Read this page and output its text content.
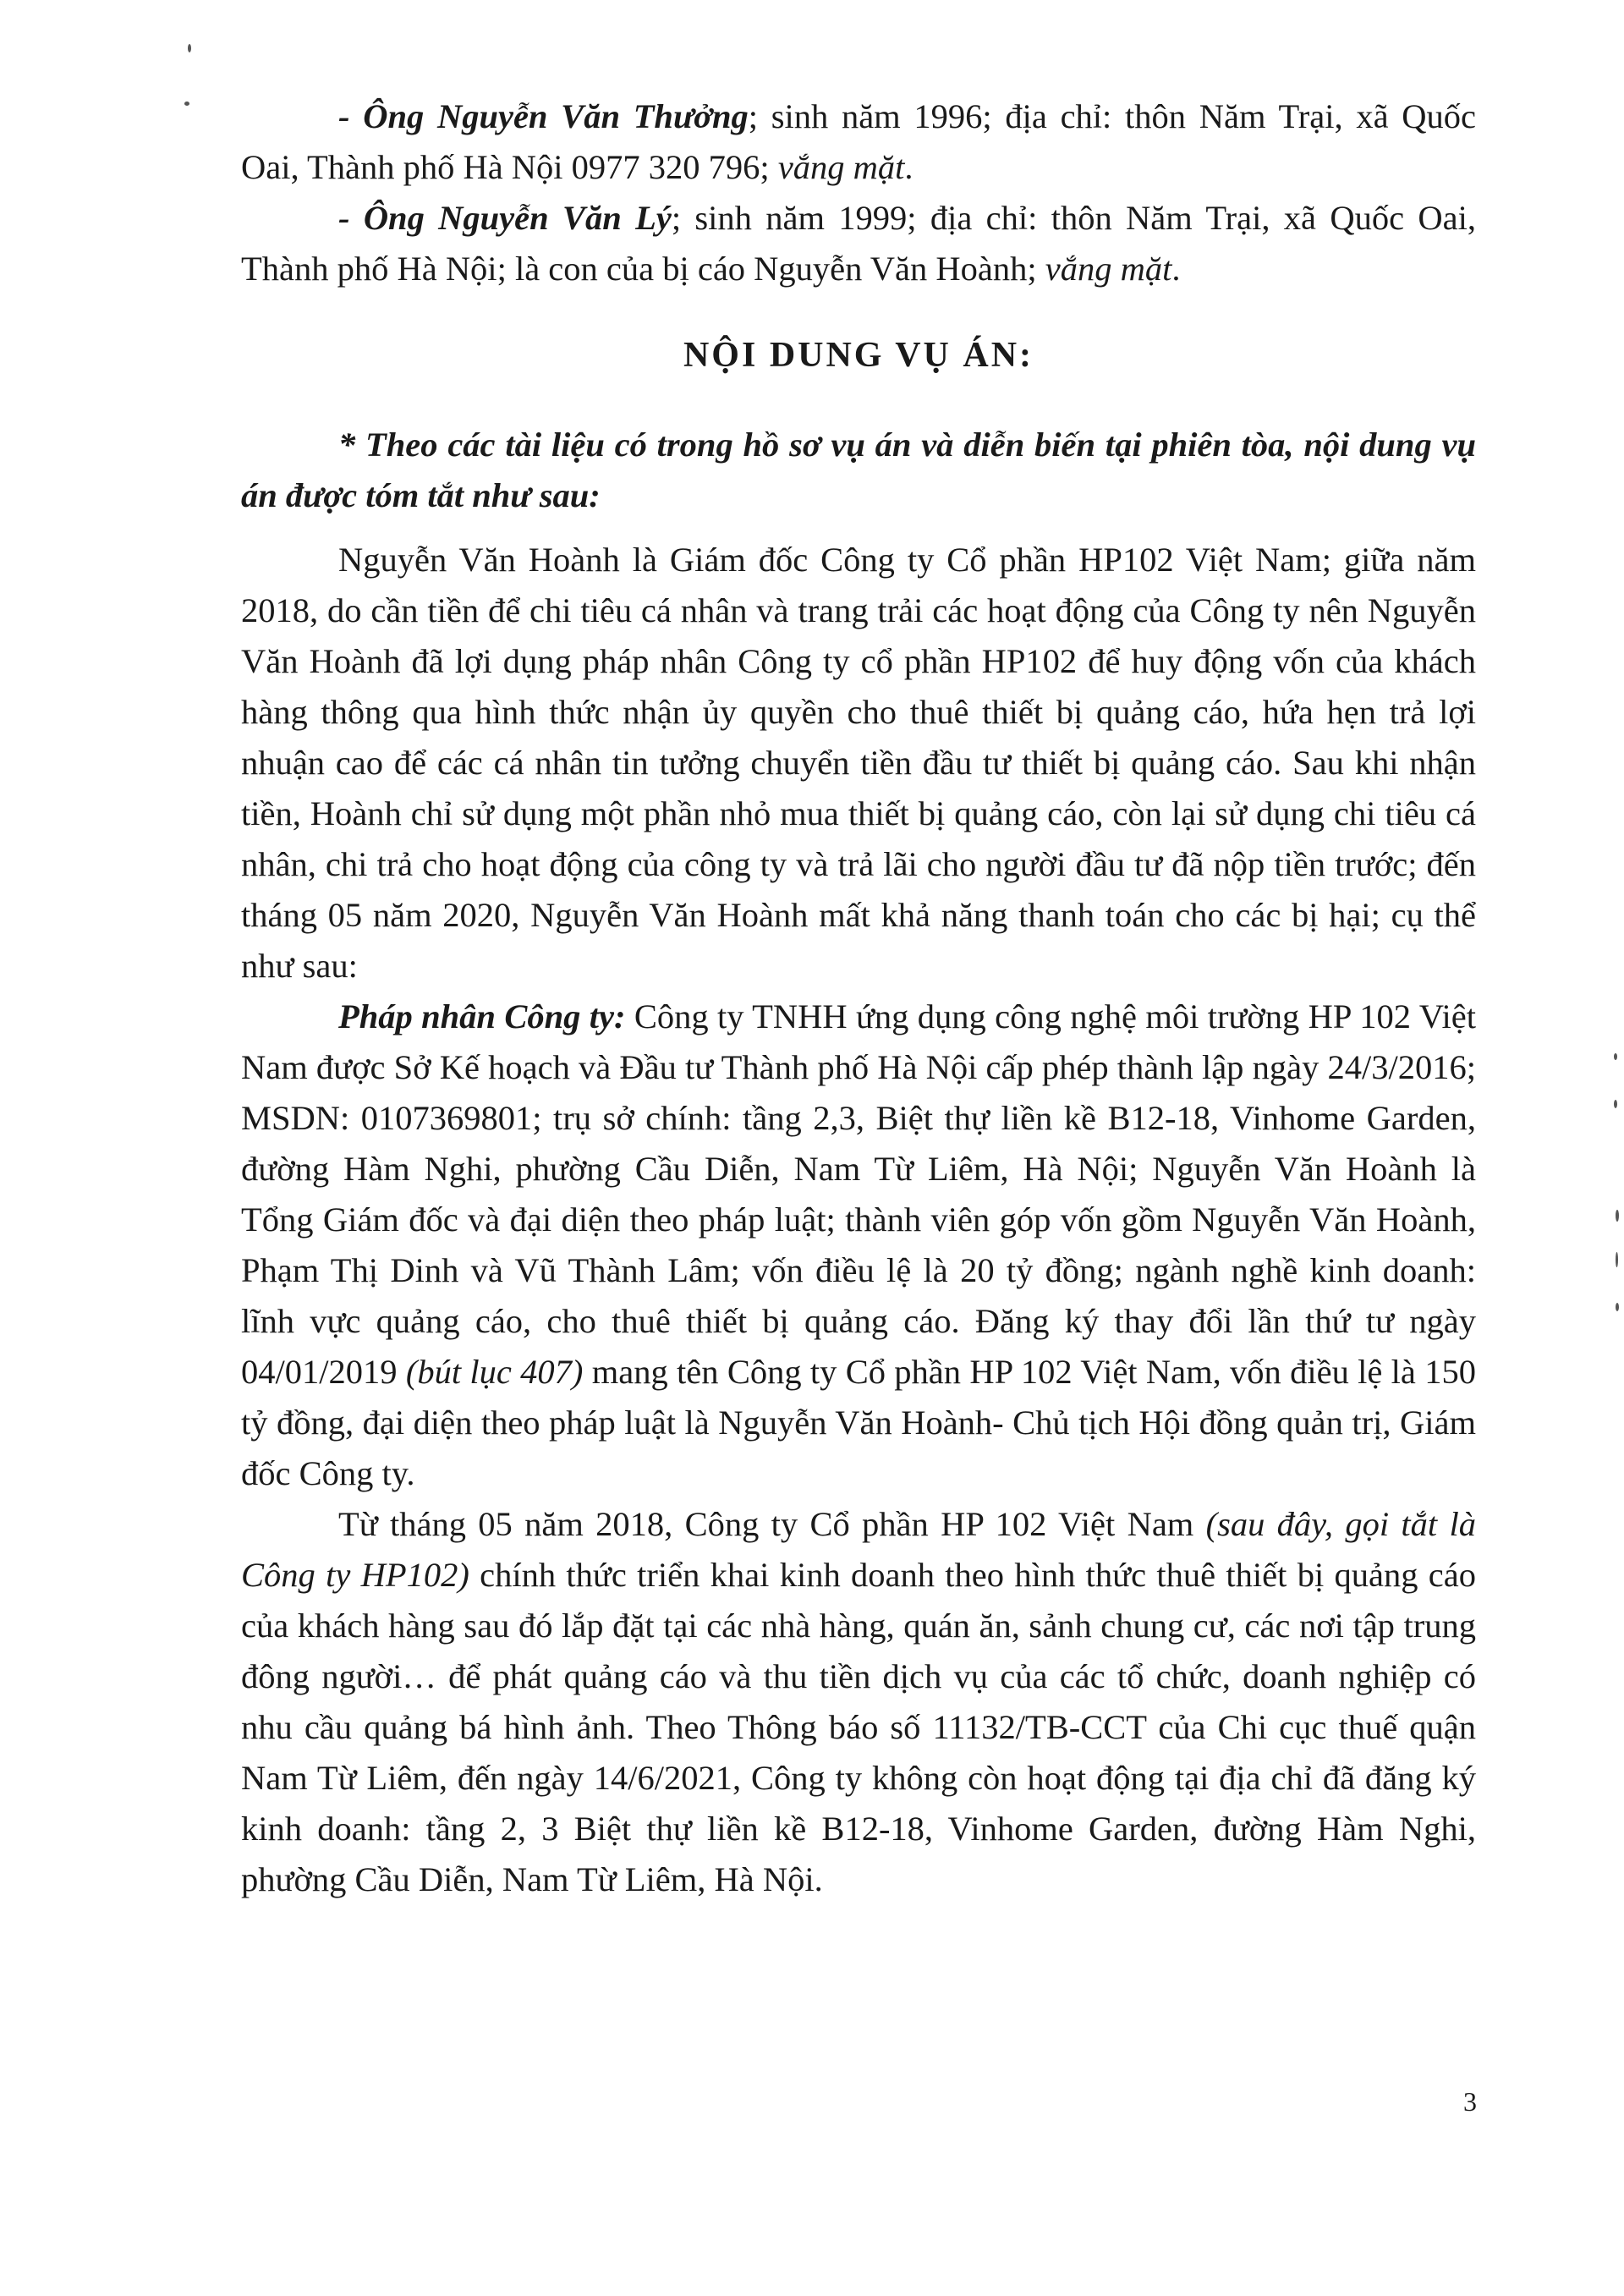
- Ông Nguyễn Văn Thưởng; sinh năm 1996; địa chỉ: thôn Năm Trại, xã Quốc Oai, Thành phố Hà Nội 0977 320 796; vắng mặt.

- Ông Nguyễn Văn Lý; sinh năm 1999; địa chỉ: thôn Năm Trại, xã Quốc Oai, Thành phố Hà Nội; là con của bị cáo Nguyễn Văn Hoành; vắng mặt.

NỘI DUNG VỤ ÁN:

* Theo các tài liệu có trong hồ sơ vụ án và diễn biến tại phiên tòa, nội dung vụ án được tóm tắt như sau:

Nguyễn Văn Hoành là Giám đốc Công ty Cổ phần HP102 Việt Nam; giữa năm 2018, do cần tiền để chi tiêu cá nhân và trang trải các hoạt động của Công ty nên Nguyễn Văn Hoành đã lợi dụng pháp nhân Công ty cổ phần HP102 để huy động vốn của khách hàng thông qua hình thức nhận ủy quyền cho thuê thiết bị quảng cáo, hứa hẹn trả lợi nhuận cao để các cá nhân tin tưởng chuyển tiền đầu tư thiết bị quảng cáo. Sau khi nhận tiền, Hoành chỉ sử dụng một phần nhỏ mua thiết bị quảng cáo, còn lại sử dụng chi tiêu cá nhân, chi trả cho hoạt động của công ty và trả lãi cho người đầu tư đã nộp tiền trước; đến tháng 05 năm 2020, Nguyễn Văn Hoành mất khả năng thanh toán cho các bị hại; cụ thể như sau:

Pháp nhân Công ty: Công ty TNHH ứng dụng công nghệ môi trường HP 102 Việt Nam được Sở Kế hoạch và Đầu tư Thành phố Hà Nội cấp phép thành lập ngày 24/3/2016; MSDN: 0107369801; trụ sở chính: tầng 2,3, Biệt thự liền kề B12-18, Vinhome Garden, đường Hàm Nghi, phường Cầu Diễn, Nam Từ Liêm, Hà Nội; Nguyễn Văn Hoành là Tổng Giám đốc và đại diện theo pháp luật; thành viên góp vốn gồm Nguyễn Văn Hoành, Phạm Thị Dinh và Vũ Thành Lâm; vốn điều lệ là 20 tỷ đồng; ngành nghề kinh doanh: lĩnh vực quảng cáo, cho thuê thiết bị quảng cáo. Đăng ký thay đổi lần thứ tư ngày 04/01/2019 (bút lục 407) mang tên Công ty Cổ phần HP 102 Việt Nam, vốn điều lệ là 150 tỷ đồng, đại diện theo pháp luật là Nguyễn Văn Hoành- Chủ tịch Hội đồng quản trị, Giám đốc Công ty.

Từ tháng 05 năm 2018, Công ty Cổ phần HP 102 Việt Nam (sau đây, gọi tắt là Công ty HP102) chính thức triển khai kinh doanh theo hình thức thuê thiết bị quảng cáo của khách hàng sau đó lắp đặt tại các nhà hàng, quán ăn, sảnh chung cư, các nơi tập trung đông người… để phát quảng cáo và thu tiền dịch vụ của các tổ chức, doanh nghiệp có nhu cầu quảng bá hình ảnh. Theo Thông báo số 11132/TB-CCT của Chi cục thuế quận Nam Từ Liêm, đến ngày 14/6/2021, Công ty không còn hoạt động tại địa chỉ đã đăng ký kinh doanh: tầng 2, 3 Biệt thự liền kề B12-18, Vinhome Garden, đường Hàm Nghi, phường Cầu Diễn, Nam Từ Liêm, Hà Nội.

3
